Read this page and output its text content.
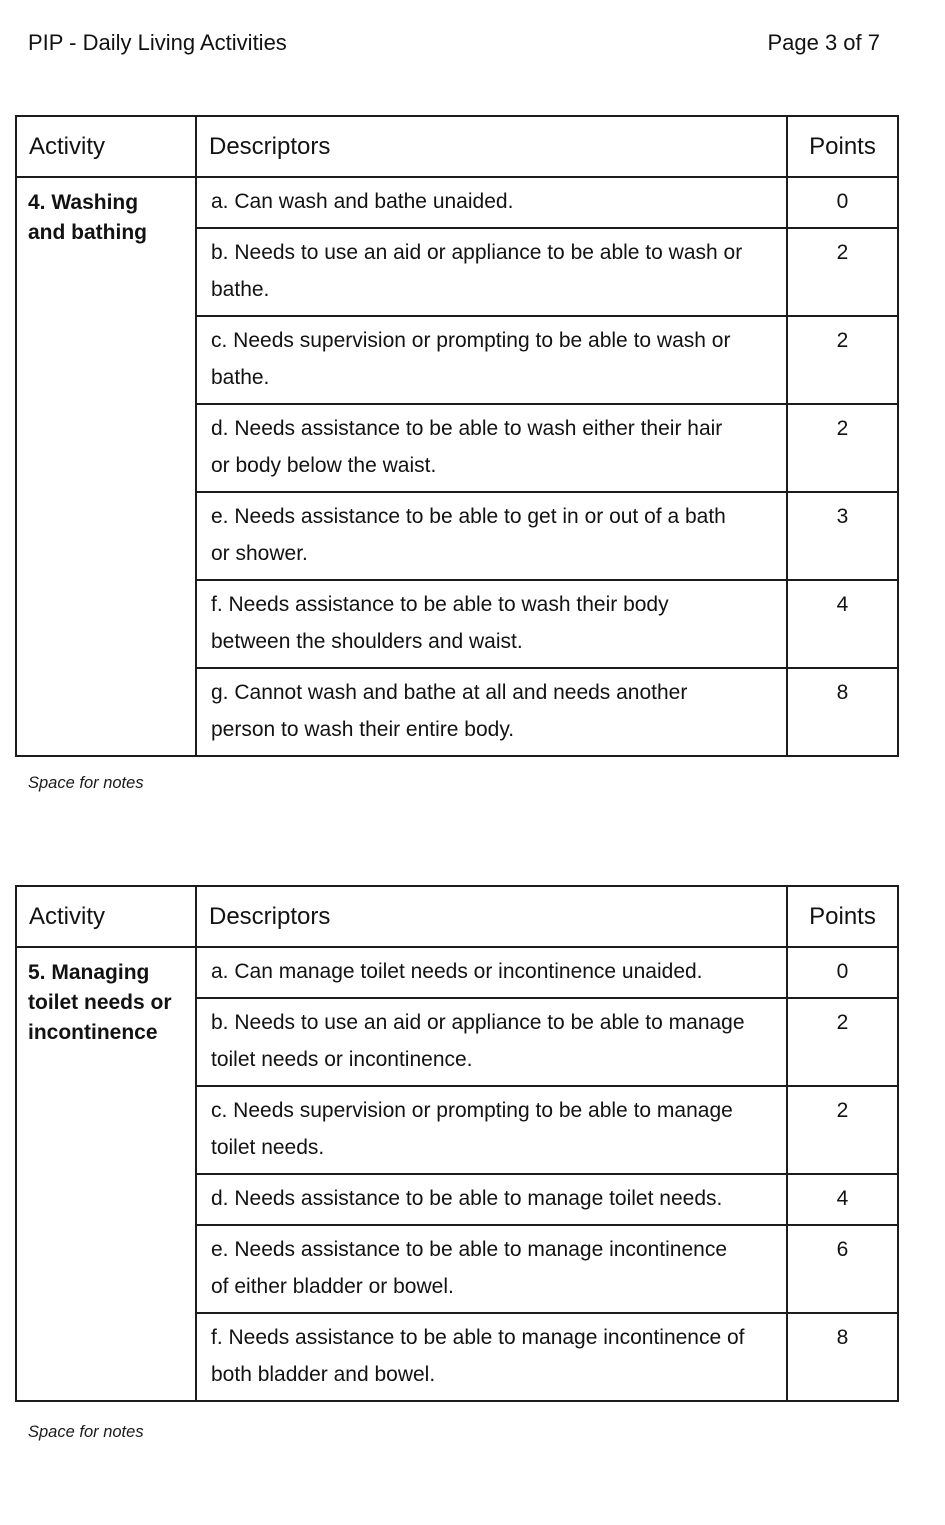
PIP - Daily Living Activities	Page 3 of 7
Activity	Descriptors	Points
4. Washing and bathing	a. Can wash and bathe unaided.	0
	b. Needs to use an aid or appliance to be able to wash or bathe.	2
	c. Needs supervision or prompting to be able to wash or bathe.	2
	d. Needs assistance to be able to wash either their hair or body below the waist.	2
	e. Needs assistance to be able to get in or out of a bath or shower.	3
	f. Needs assistance to be able to wash their body between the shoulders and waist.	4
	g. Cannot wash and bathe at all and needs another person to wash their entire body.	8
Space for notes
Activity	Descriptors	Points
5. Managing toilet needs or incontinence	a. Can manage toilet needs or incontinence unaided.	0
	b. Needs to use an aid or appliance to be able to manage toilet needs or incontinence.	2
	c. Needs supervision or prompting to be able to manage toilet needs.	2
	d. Needs assistance to be able to manage toilet needs.	4
	e. Needs assistance to be able to manage incontinence of either bladder or bowel.	6
	f. Needs assistance to be able to manage incontinence of both bladder and bowel.	8
Space for notes
